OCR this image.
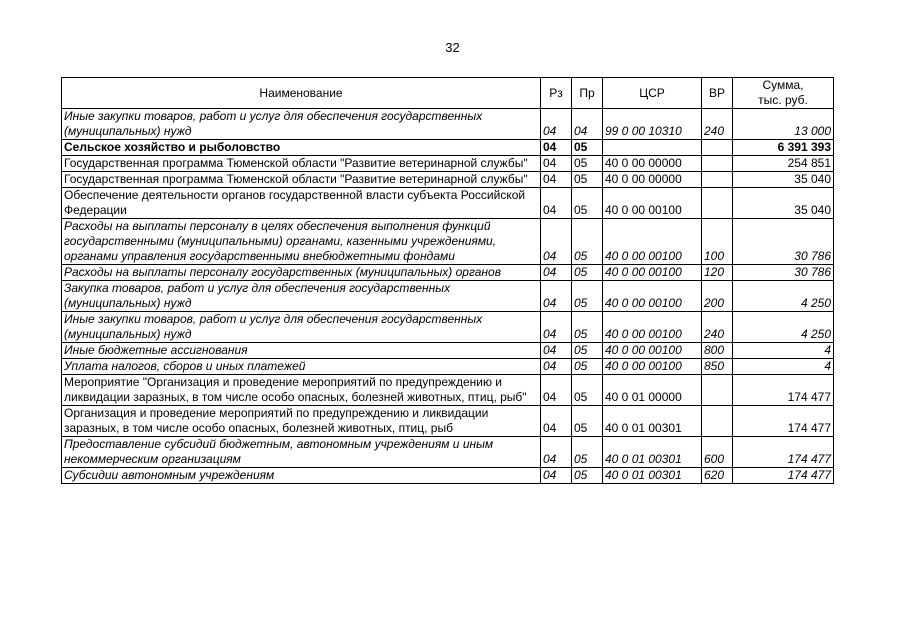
32
Наименование	Рз	Пр	ЦСР	ВР	Сумма,
тыс. руб.

Иные закупки товаров, работ и услуг для обеспечения государственных (муниципальных) нужд	04	04	99 0 00 10310	240	13 000
Сельское хозяйство и рыболовство	04	05			6 391 393
Государственная программа Тюменской области "Развитие ветеринарной службы"	04	05	40 0 00 00000		254 851
Государственная программа Тюменской области "Развитие ветеринарной службы"	04	05	40 0 00 00000		35 040
Обеспечение деятельности органов государственной власти субъекта Российской Федерации	04	05	40 0 00 00100		35 040
Расходы на выплаты персоналу в целях обеспечения выполнения функций государственными (муниципальными) органами, казенными учреждениями, органами управления государственными внебюджетными фондами	04	05	40 0 00 00100	100	30 786
Расходы на выплаты персоналу государственных (муниципальных) органов	04	05	40 0 00 00100	120	30 786
Закупка товаров, работ и услуг для обеспечения государственных (муниципальных) нужд	04	05	40 0 00 00100	200	4 250
Иные закупки товаров, работ и услуг для обеспечения государственных (муниципальных) нужд	04	05	40 0 00 00100	240	4 250
Иные бюджетные ассигнования	04	05	40 0 00 00100	800	4
Уплата налогов, сборов и иных платежей	04	05	40 0 00 00100	850	4
Мероприятие "Организация и проведение мероприятий по предупреждению и ликвидации заразных, в том числе особо опасных, болезней животных, птиц, рыб"	04	05	40 0 01 00000		174 477
Организация и проведение мероприятий по предупреждению и ликвидации заразных, в том числе особо опасных, болезней животных, птиц, рыб	04	05	40 0 01 00301		174 477
Предоставление субсидий бюджетным, автономным учреждениям и иным некоммерческим организациям	04	05	40 0 01 00301	600	174 477
Субсидии автономным учреждениям	04	05	40 0 01 00301	620	174 477
